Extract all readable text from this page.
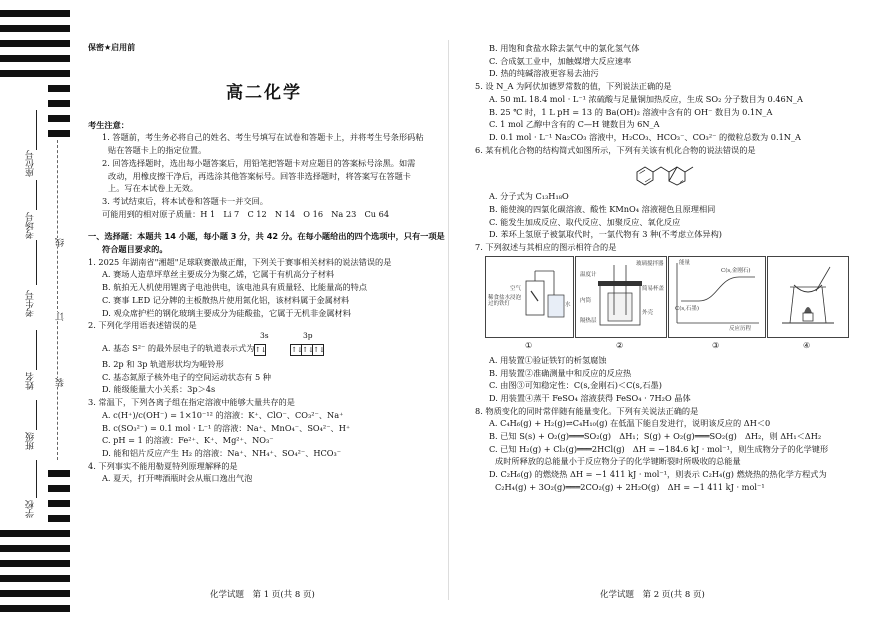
座位号
考场号
考生号
姓名
班级
学校
线
订
装

保密★启用前

高二化学

考生注意：

1. 答题前，考生务必将自己的姓名、考生号填写在试卷和答题卡上，并将考生号条形码粘

贴在答题卡上的指定位置。

2. 回答选择题时，选出每小题答案后，用铅笔把答题卡对应题目的答案标号涂黑。如需

改动，用橡皮擦干净后，再选涂其他答案标号。回答非选择题时，将答案写在答题卡

上。写在本试卷上无效。

3. 考试结束后，将本试卷和答题卡一并交回。

可能用到的相对原子质量：H 1　Li 7　C 12　N 14　O 16　Na 23　Cu 64

一、选择题：本题共 14 小题，每小题 3 分，共 42 分。在每小题给出的四个选项中，只有一项是

符合题目要求的。

1. 2025 年湖南省"湘超"足球联赛激战正酣，下列关于赛事相关材料的说法错误的是

A. 赛场人造草坪草丝主要成分为聚乙烯，它属于有机高分子材料

B. 航拍无人机使用锂离子电池供电，该电池具有质量轻、比能量高的特点

C. 赛事 LED 记分牌的主板散热片使用氮化铝，该材料属于金属材料

D. 观众席护栏的钢化玻璃主要成分为硅酸盐，它属于无机非金属材料

2. 下列化学用语表述错误的是

A. 基态 S²⁻ 的最外层电子的轨道表示式为
3s	3p
↑↓	↑↓↑↓↑↓

B. 2p 和 3p 轨道形状均为哑铃形

C. 基态氮原子核外电子的空间运动状态有 5 种

D. 能级能量大小关系：3p＞4s

3. 常温下，下列各离子组在指定溶液中能够大量共存的是

A. c(H⁺)/c(OH⁻) = 1×10⁻¹² 的溶液：K⁺、ClO⁻、CO₃²⁻、Na⁺

B. c(SO₃²⁻) = 0.1 mol · L⁻¹ 的溶液：Na⁺、MnO₄⁻、SO₄²⁻、H⁺

C. pH = 1 的溶液：Fe²⁺、K⁺、Mg²⁺、NO₃⁻

D. 能和铝片反应产生 H₂ 的溶液：Na⁺、NH₄⁺、SO₄²⁻、HCO₃⁻

4. 下列事实不能用勒夏特列原理解释的是

A. 夏天，打开啤酒瓶时会从瓶口逸出气泡

化学试题　第 1 页(共 8 页)

B. 用饱和食盐水除去氯气中的氯化氢气体

C. 合成氨工业中，加触媒增大反应速率

D. 热的纯碱溶液更容易去油污

5. 设 N_A 为阿伏加德罗常数的值，下列说法正确的是

A. 50 mL 18.4 mol · L⁻¹ 浓硫酸与足量铜加热反应，生成 SO₂ 分子数目为 0.46N_A

B. 25 ℃ 时，1 L pH = 13 的 Ba(OH)₂ 溶液中含有的 OH⁻ 数目为 0.1N_A

C. 1 mol 乙醇中含有的 C—H 键数目为 6N_A

D. 0.1 mol · L⁻¹ Na₂CO₃ 溶液中，H₂CO₃、HCO₃⁻、CO₃²⁻ 的微粒总数为 0.1N_A

6. 某有机化合物的结构简式如图所示，下列有关该有机化合物的说法错误的是

A. 分子式为 C₁₃H₁₈O

B. 能使溴的四氯化碳溶液、酸性 KMnO₄ 溶液褪色且原理相同

C. 能发生加成反应、取代反应、加聚反应、氧化反应

D. 苯环上氢原子被氯取代时，一氯代物有 3 种(不考虑立体异构)

7. 下列叙述与其相应的图示相符合的是

空气
稀食盐水浸泡过的铁钉	水
温度计
玻璃搅拌器
内筒
简易杯盖
隔热层
外壳
能量
C(s,金刚石)
C(s,石墨)
反应历程
①	②	③	④

A. 用装置①验证铁钉的析氢腐蚀

B. 用装置②准确测量中和反应的反应热

C. 由图③可知稳定性：C(s,金刚石)＜C(s,石墨)

D. 用装置④蒸干 FeSO₄ 溶液获得 FeSO₄ · 7H₂O 晶体

8. 物质变化的同时常伴随有能量变化。下列有关说法正确的是

A. C₄H₆(g) + H₂(g)⇌C₄H₁₀(g) 在低温下能自发进行，说明该反应的 ΔH＜0

B. 已知 S(s) + O₂(g)═══SO₂(g)　ΔH₁；S(g) + O₂(g)═══SO₂(g)　ΔH₂，则 ΔH₁＜ΔH₂

C. 已知 H₂(g) + Cl₂(g)═══2HCl(g)　ΔH = −184.6 kJ · mol⁻¹，则生成物分子的化学键形

成时所释放的总能量小于反应物分子的化学键断裂时所吸收的总能量

D. C₂H₆(g) 的燃烧热 ΔH = −1 411 kJ · mol⁻¹，则表示 C₂H₄(g) 燃烧热的热化学方程式为

C₂H₄(g) + 3O₂(g)═══2CO₂(g) + 2H₂O(g)　ΔH = −1 411 kJ · mol⁻¹

化学试题　第 2 页(共 8 页)
